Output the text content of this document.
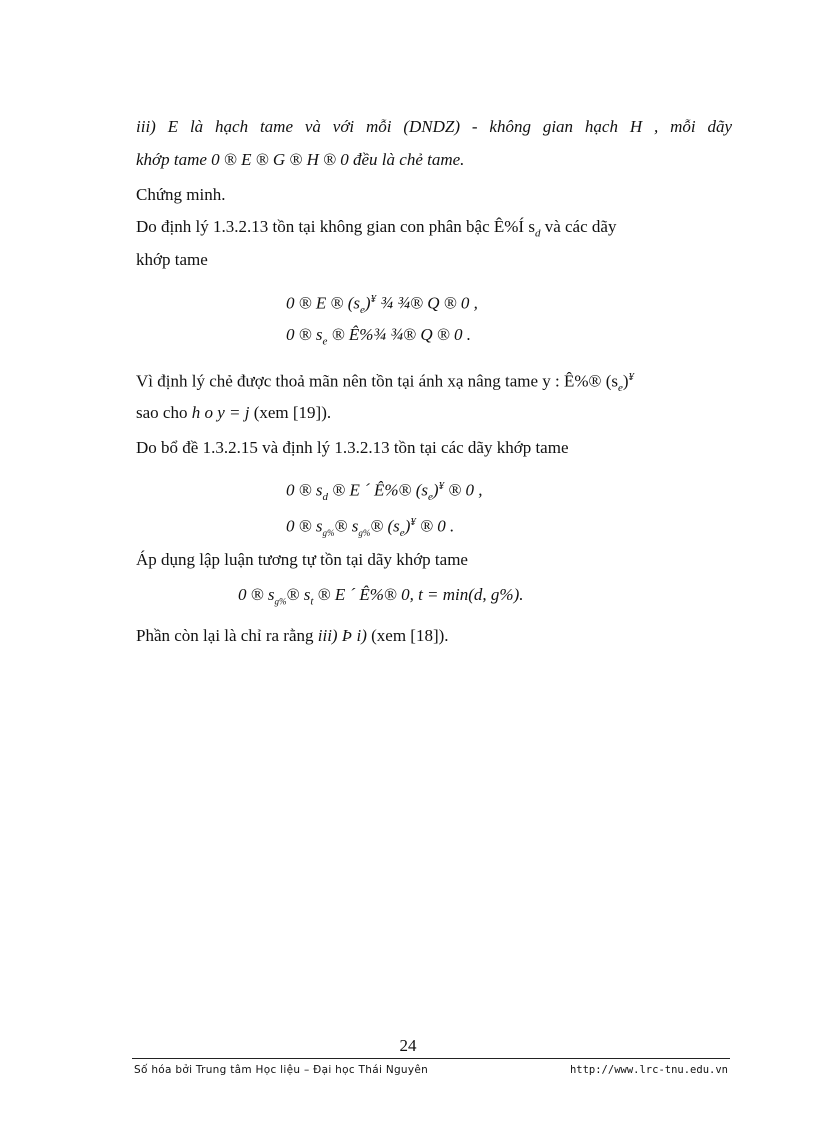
iii) E là hạch tame và với mỗi (DNDZ) - không gian hạch H , mỗi dãy
khớp tame 0 ® E ® G ® H ® 0 đều là chẻ tame.
Chứng minh.
Do định lý 1.3.2.13 tồn tại không gian con phân bậc Ê%Í $s_d$ và các dãy
khớp tame
0 ® E ® $(s_e)^¥$ ¾ ¾® Q ® 0 ,
0 ® $s_e$ ® Ê%¾ ¾® Q ® 0 .
Vì định lý chẻ được thoả mãn nên tồn tại ánh xạ nâng tame y : Ê%® $(s_e)^¥$
sao cho h o y = j (xem [19]).
Do bổ đề 1.3.2.15 và định lý 1.3.2.13 tồn tại các dãy khớp tame
0 ® $s_d$ ® E ´ Ê%® $(s_e)^¥$ ® 0 ,
0 ® $s_{g\%}®$ $s_{g\%}®$ $(s_e)^¥$ ® 0 .
Áp dụng lập luận tương tự tồn tại dãy khớp tame
0 ® $s_{g\%}®$ $s_t$ ® E ´ Ê%® 0, t = min(d, g%).
Phần còn lại là chỉ ra rằng iii) Þ i) (xem [18]).
24
Số hóa bởi Trung tâm Học liệu – Đại học Thái Nguyên	http://www.lrc-tnu.edu.vn
